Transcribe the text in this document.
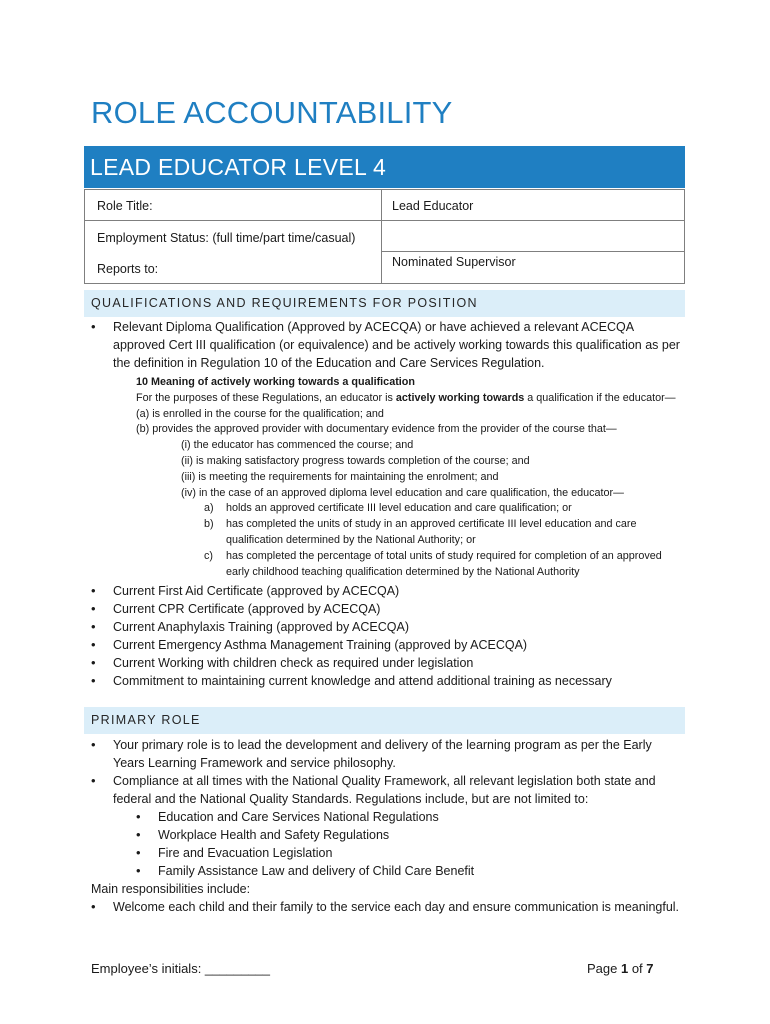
ROLE ACCOUNTABILITY
LEAD EDUCATOR LEVEL 4
Role Title:	Lead Educator

Employment Status: (full time/part time/casual)	

Reports to:	Nominated Supervisor
QUALIFICATIONS AND REQUIREMENTS FOR POSITION
• Relevant Diploma Qualification (Approved by ACECQA) or have achieved a relevant ACECQA approved Cert III qualification (or equivalence) and be actively working towards this qualification as per the definition in Regulation 10 of the Education and Care Services Regulation.
10 Meaning of actively working towards a qualification
For the purposes of these Regulations, an educator is actively working towards a qualification if the educator—
(a) is enrolled in the course for the qualification; and
(b) provides the approved provider with documentary evidence from the provider of the course that—
(i) the educator has commenced the course; and
(ii) is making satisfactory progress towards completion of the course; and
(iii) is meeting the requirements for maintaining the enrolment; and
(iv) in the case of an approved diploma level education and care qualification, the educator—
a) holds an approved certificate III level education and care qualification; or
b) has completed the units of study in an approved certificate III level education and care qualification determined by the National Authority; or
c) has completed the percentage of total units of study required for completion of an approved early childhood teaching qualification determined by the National Authority
• Current First Aid Certificate (approved by ACECQA)
• Current CPR Certificate (approved by ACECQA)
• Current Anaphylaxis Training (approved by ACECQA)
• Current Emergency Asthma Management Training (approved by ACECQA)
• Current Working with children check as required under legislation
• Commitment to maintaining current knowledge and attend additional training as necessary
PRIMARY ROLE
• Your primary role is to lead the development and delivery of the learning program as per the Early Years Learning Framework and service philosophy.
• Compliance at all times with the National Quality Framework, all relevant legislation both state and federal and the National Quality Standards. Regulations include, but are not limited to:
• Education and Care Services National Regulations
• Workplace Health and Safety Regulations
• Fire and Evacuation Legislation
• Family Assistance Law and delivery of Child Care Benefit
Main responsibilities include:
• Welcome each child and their family to the service each day and ensure communication is meaningful.
Employee’s initials: _________	Page 1 of 7
